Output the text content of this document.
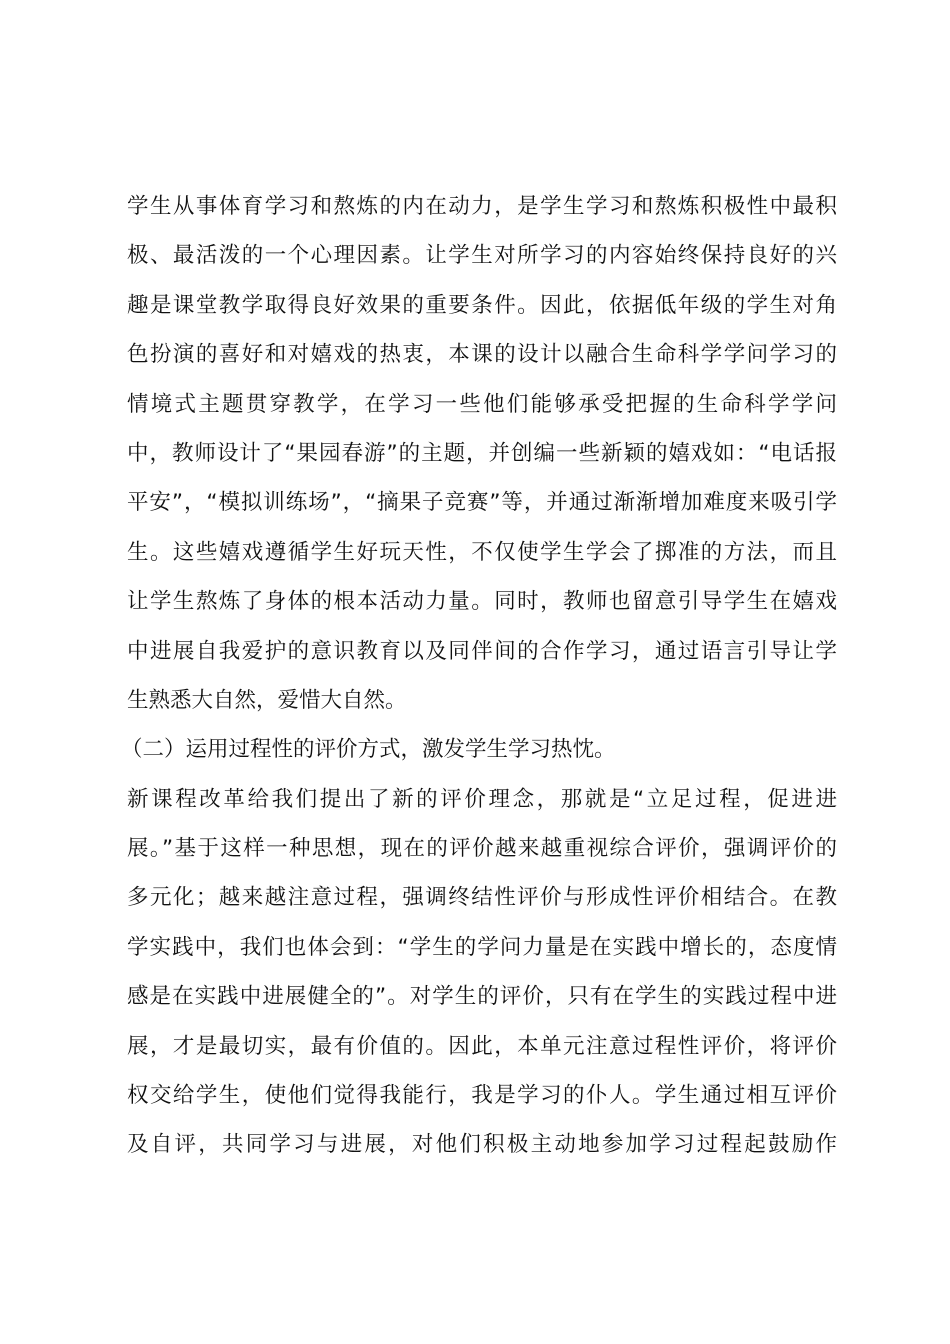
学生从事体育学习和熬炼的内在动力，是学生学习和熬炼积极性中最积
极、最活泼的一个心理因素。让学生对所学习的内容始终保持良好的兴
趣是课堂教学取得良好效果的重要条件。因此，依据低年级的学生对角
色扮演的喜好和对嬉戏的热衷，本课的设计以融合生命科学学问学习的
情境式主题贯穿教学，在学习一些他们能够承受把握的生命科学学问
中，教师设计了“果园春游”的主题，并创编一些新颖的嬉戏如：“电话报
平安”，“模拟训练场”，“摘果子竞赛”等，并通过渐渐增加难度来吸引学
生。这些嬉戏遵循学生好玩天性，不仅使学生学会了掷准的方法，而且
让学生熬炼了身体的根本活动力量。同时，教师也留意引导学生在嬉戏
中进展自我爱护的意识教育以及同伴间的合作学习，通过语言引导让学
生熟悉大自然，爱惜大自然。
（二）运用过程性的评价方式，激发学生学习热忱。
新课程改革给我们提出了新的评价理念，那就是“立足过程，促进进
展。”基于这样一种思想，现在的评价越来越重视综合评价，强调评价的
多元化；越来越注意过程，强调终结性评价与形成性评价相结合。在教
学实践中，我们也体会到：“学生的学问力量是在实践中增长的，态度情
感是在实践中进展健全的”。对学生的评价，只有在学生的实践过程中进
展，才是最切实，最有价值的。因此，本单元注意过程性评价，将评价
权交给学生，使他们觉得我能行，我是学习的仆人。学生通过相互评价
及自评，共同学习与进展，对他们积极主动地参加学习过程起鼓励作
